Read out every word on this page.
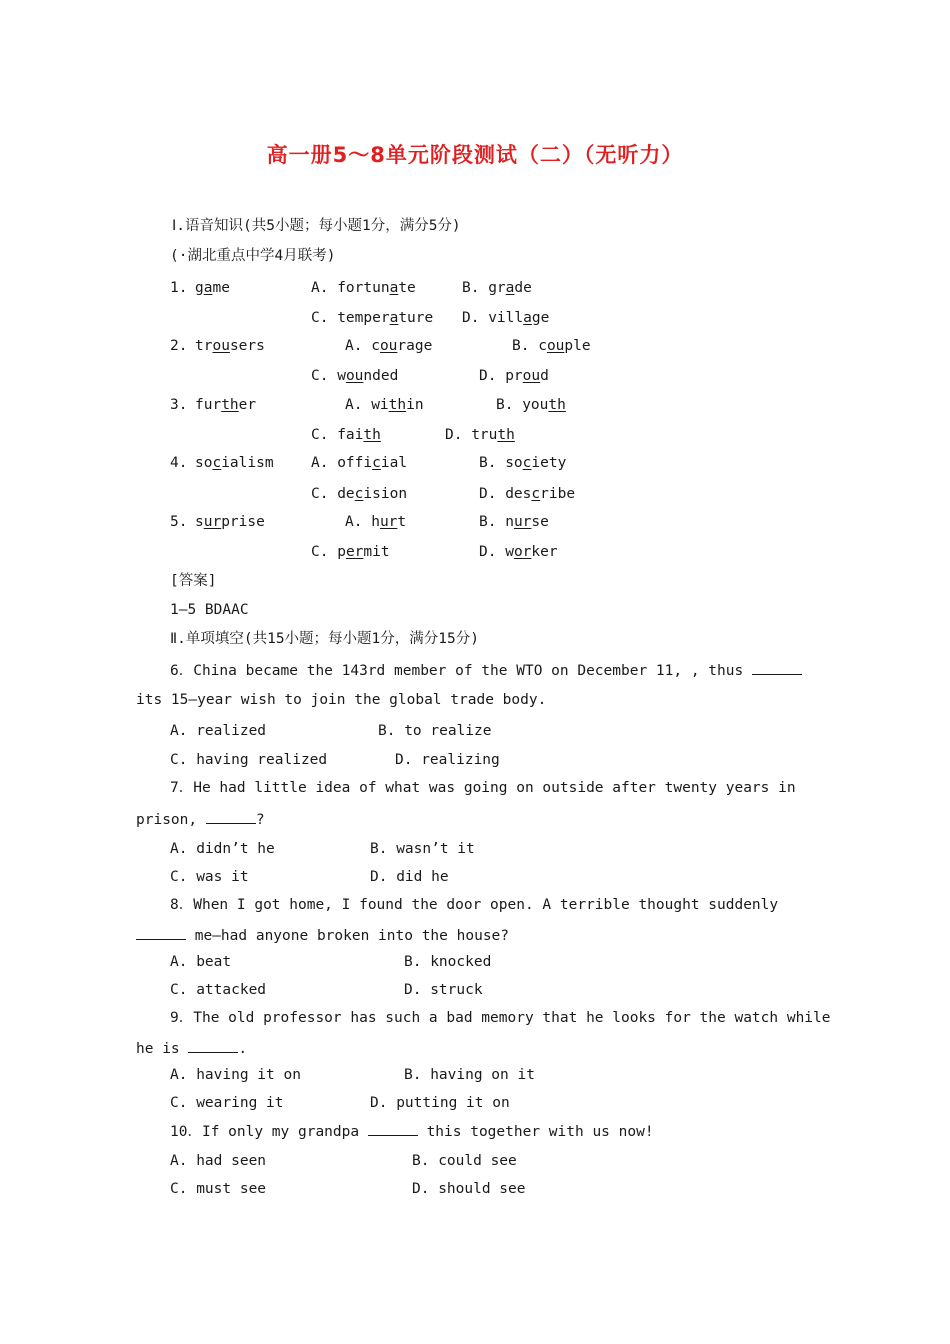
高一册5～8单元阶段测试（二）（无听力）
Ⅰ.语音知识(共5小题；每小题1分，满分5分)
(·湖北重点中学4月联考)
1. game	A. fortunate	B. grade
C. temperature D. village
2. trousers	A. courage	B. couple
C. wounded	D. proud
3. further	A. within	B. youth
C. faith	D. truth
4. socialism	A. official	B. society
C. decision	D. describe
5. surprise	A. hurt	B. nurse
C. permit	D. worker
[答案]
1—5 BDAAC
Ⅱ.单项填空(共15小题；每小题1分，满分15分)
6．China became the 143rd member of the WTO on December 11, , thus
its 15—year wish to join the global trade body.
A. realized	B. to realize
C. having realized	D. realizing
7．He had little idea of what was going on outside after twenty years in
prison,	?
A. didn’t he	B. wasn’t it
C. was it	D. did he
8．When I got home, I found the door open. A terrible thought suddenly
me—had anyone broken into the house?
A. beat	B. knocked
C. attacked	D. struck
9．The old professor has such a bad memory that he looks for the watch while
he is	.
A. having it on	B. having on it
C. wearing it	D. putting it on
10．If only my grandpa	this together with us now!
A. had seen	B. could see
C. must see	D. should see
